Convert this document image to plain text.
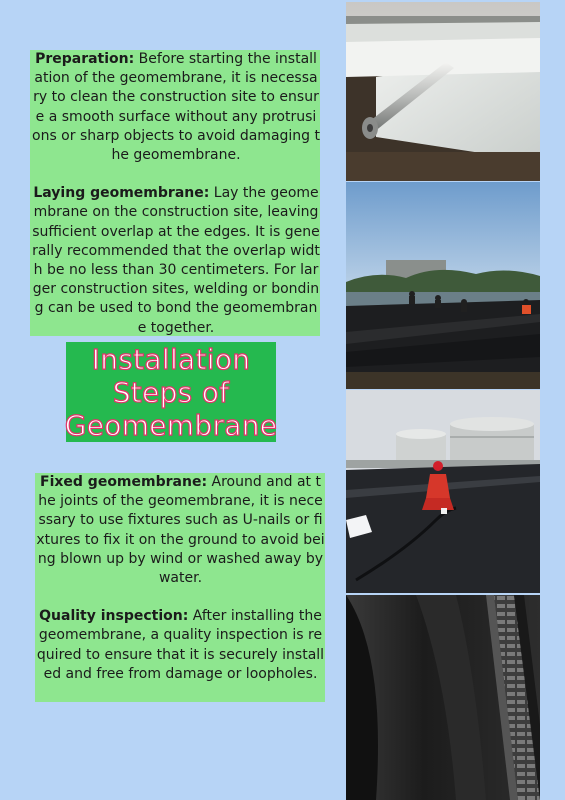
Preparation: Before starting the installation of the geomembrane, it is necessary to clean the construction site to ensure a smooth surface without any protrusions or sharp objects to avoid damaging the geomembrane.

Laying geomembrane: Lay the geomembrane on the construction site, leaving sufficient overlap at the edges. It is generally recommended that the overlap width be no less than 30 centimeters. For larger construction sites, welding or bonding can be used to bond the geomembrane together.

Installation Steps of Geomembrane

Fixed geomembrane: Around and at the joints of the geomembrane, it is necessary to use fixtures such as U-nails or fixtures to fix it on the ground to avoid being blown up by wind or washed away by water.

Quality inspection: After installing the geomembrane, a quality inspection is required to ensure that it is securely installed and free from damage or loopholes.
